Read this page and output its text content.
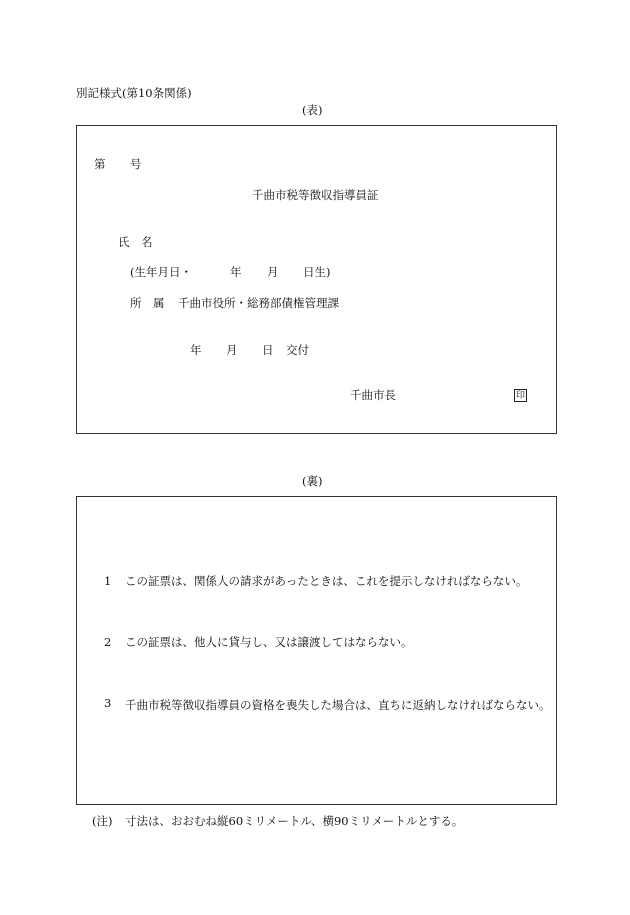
別記様式(第10条関係)
(表)
第 号
千曲市税等徴収指導員証
氏　名
(生年月日・	年 月 日生)
所　属 千曲市役所・総務部債権管理課
年 月 日 交付
千曲市長	印
(裏)
1 この証票は、関係人の請求があったときは、これを提示しなければならない。
2 この証票は、他人に貸与し、又は譲渡してはならない。
3	千曲市税等徴収指導員の資格を喪失した場合は、直ちに返納しなければならない。
(注) 寸法は、おおむね縦60ミリメートル、横90ミリメートルとする。
